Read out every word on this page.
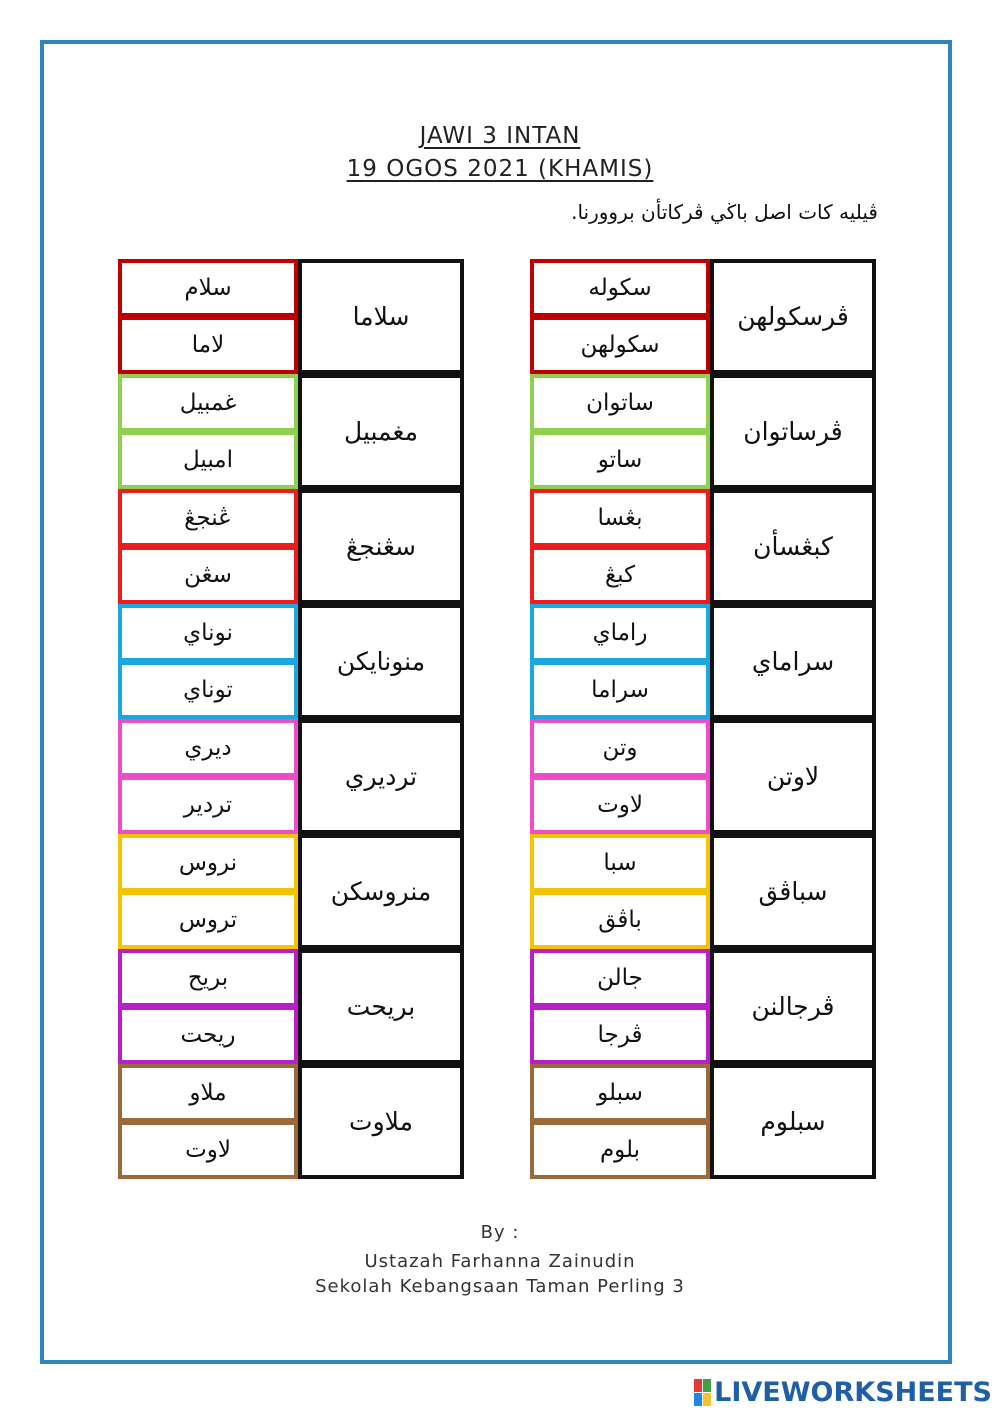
JAWI 3 INTAN
19 OGOS 2021 (KHAMIS)
ڤيليه كات اصل باڬي ڤركاتأن بروورنا.
سلام
لاما
سلاما
غمبيل
امبيل
مغمبيل
ڠنجڠ
سڠن
سڠنجڠ
نوناي
توناي
منونايكن
ديري
تردير
ترديري
نروس
تروس
منروسكن
بريح
ريحت
بريحت
ملاو
لاوت
ملاوت
سكوله
سكولهن
ڤرسكولهن
ساتوان
ساتو
ڤرساتوان
بڠسا
كبڠ
كبڠسأن
راماي
سراما
سراماي
وتن
لاوت
لاوتن
سبا
باڤق
سباڤق
جالن
ڤرجا
ڤرجالنن
سبلو
بلوم
سبلوم
By :
Ustazah Farhanna Zainudin
Sekolah Kebangsaan Taman Perling 3
LIVEWORKSHEETS
